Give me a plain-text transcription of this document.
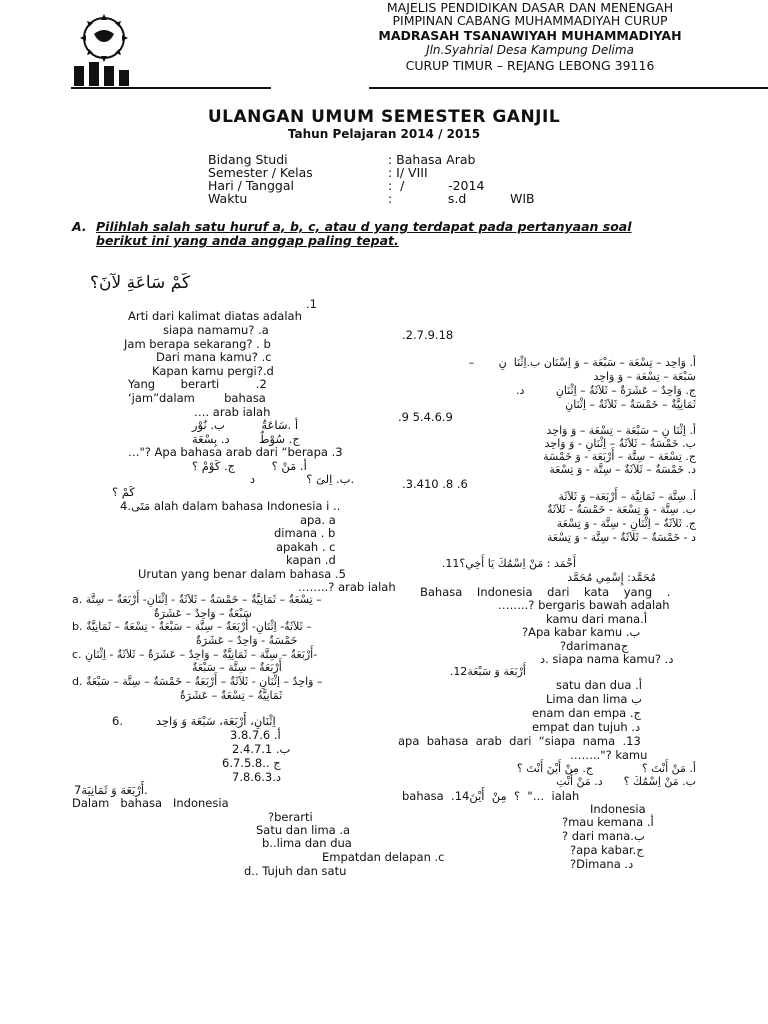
MAJELIS PENDIDIKAN DASAR DAN MENENGAH
PIMPINAN CABANG MUHAMMADIYAH CURUP
MADRASAH TSANAWIYAH MUHAMMADIYAH
Jln.Syahrial Desa Kampung Delima
CURUP TIMUR – REJANG LEBONG 39116
ULANGAN UMUM SEMESTER GANJIL
Tahun Pelajaran 2014 / 2015
Bidang Studi	: Bahasa Arab
Semester / Kelas	: I/ VIII
Hari / Tanggal	:  /           -2014
Waktu	:              s.d           WIB
A. Pilihlah salah satu huruf a, b, c, atau d yang terdapat pada pertanyaan soal
berikut ini yang anda anggap paling tepat.
كَمْ سَاعَةِ لآنَ؟
.1
Arti dari kalimat diatas adalah
siapa namamu? .a
Jam berapa sekarang? . b
Dari mana kamu? .c
Kapan kamu pergi?.d
Yang       berarti          .2
‘jam”dalam        bahasa
…. arab ialah
أ .سَاعَةٌ          ب. نُوْر
ج. سُوْطٌ        د. بِسْعَة
…"? Apa bahasa arab dari “berapa .3
أ. مَنْ ؟          ج. كَوْمْ ؟
ب. اِلىَ ؟              د.
كَمْ ؟
مَتَى.4 alah dalam bahasa Indonesia i ..
apa. a
dimana . b
apakah . c
kapan .d
Urutan yang benar dalam bahasa .5
……..? arab ialah
a. تِسْعَةٌ – ثَمَانِيَّةٌ – خَمْسَةٌ – ثَلاَثَةٌ - اِثْنَانِ- أَرْبَعَةٌ – سِتَّة –
سَبْعَةٌ – وَاحِدٌ – عَشَرَةٌ
b. ثَلاَثَةٌ- اِثْنَانِ- أَرْبَعَةٌ – سِتَّة – سَبْعَةٌ - تِسْعَةٌ – ثَمَانِيَّةٌ –
خَمْسَةٌ - وَاحِدٌ – عَشَرَةٌ
c. أَرْبَعَةٌ – سِتَّة – ثَمَانِيَّةٌ – وَاحِدٌ – عَشَرَةٌ – ثَلاَثَةٌ - اِثْنَانِ-
أَرْبَعَةٌ – سِتَّة – سَبْعَةٌ
d. وَاحِدٌ – اِثْنَانِ - ثَلاَثَةٌ – أَرْبَعَةٌ – خَمْسَةٌ – سِتَّة – سَبْعَةٌ –
ثَمَانِيَّةٌ – تِسْعَةٌ – عَشَرَةٌ
اِثْنَانِ، أَرْبَعَة، سَبْعَة وَ وَاحِد         .6
3.8.7.6 .أ
2.4.7.1 .ب
6.7.5.8.. ج
7.8.6.3.د
أَرْبَعَة وَ ثَمَانِيَة7.
Dalam   bahasa   Indonesia
?berarti
Satu dan lima .a
b..lima dan dua
Empatdan delapan .c
d.. Tujuh dan satu
.2.7.9.18
أ. وَاحِد – تِسْعَة – سَبْعَة – وَ اِسْنَان ب.اِثْنَا  نِ       –
سَبْعَة – تِسْعَة – وَ وَاحِد
ج. وَاحِدٌ – عَشَرَةٌ – ثَلاَثَةٌ – اِثْنَانِ         د.
ثَمَانِيَّةٌ – خَمْسَةٌ – ثَلاَثَةٌ – اِثْنَانِ
.9 5.4.6.9
أ. اِثْنَا نِ – سَبْعَة – تِسْعَة – وَ وَاحِد
ب. خَمْسَةٌ – ثَلاَثَةٌ – اِثْنَانِ - وَ وَاحِد
ج. تِسْعَة – سِتَّة – أَرْبَعَة - وَ خَمْسَة
د. خَمْسَةٌ – ثَلاَثَةٌ – سِتَّة - وَ تِسْعَة
.3.410 .8 .6
أ. سِتَّة – ثَمَانِيَّة – أَرْبَعَة– وَ ثَلاَثَة
ب. سِتَّة - وَ تِسْعَة - خَمْسَةٌ - ثَلاَثَةٌ
ج. ثَلاَثَةٌ – اِثْنَانِ - سِتَّة - وَ تِسْعَة
د - خَمْسَةٌ – ثَلاَثَةٌ - سِتَّة - وَ تِسْعَة
أَحْمَد : مَنْ اِسْمُكَ يَا أَخِي؟11.
مُحَمَّد: إِسْمِي مُحَمَّد
Bahasa    Indonesia    dari    kata    yang    .
……..? bergaris bawah adalah
kamu dari mana.أ
?Apa kabar kamu .ب
?darimanaج
د. siapa nama kamu? .د
أَرْبَعَة وَ سَبْعَة12.
satu dan dua .أ
Lima dan lima ب
enam dan empa .ج
empat dan tujuh .د
apa  bahasa  arab  dari  “siapa  nama  .13
…….."? kamu
أ. مَنْ أَنْتَ ؟              ج. مِنْ أَيْنَ أَنْتَ ؟
ب. مَنْ اِسْمُكَ ؟      د. مَنْ أَنْتِ
bahasa  .14؟  مِنْ  أَيْنَ  "…  ialah
Indonesia
?mau kemana .أ
? dari mana.ب
?apa kabar.ج
?Dimana .د
